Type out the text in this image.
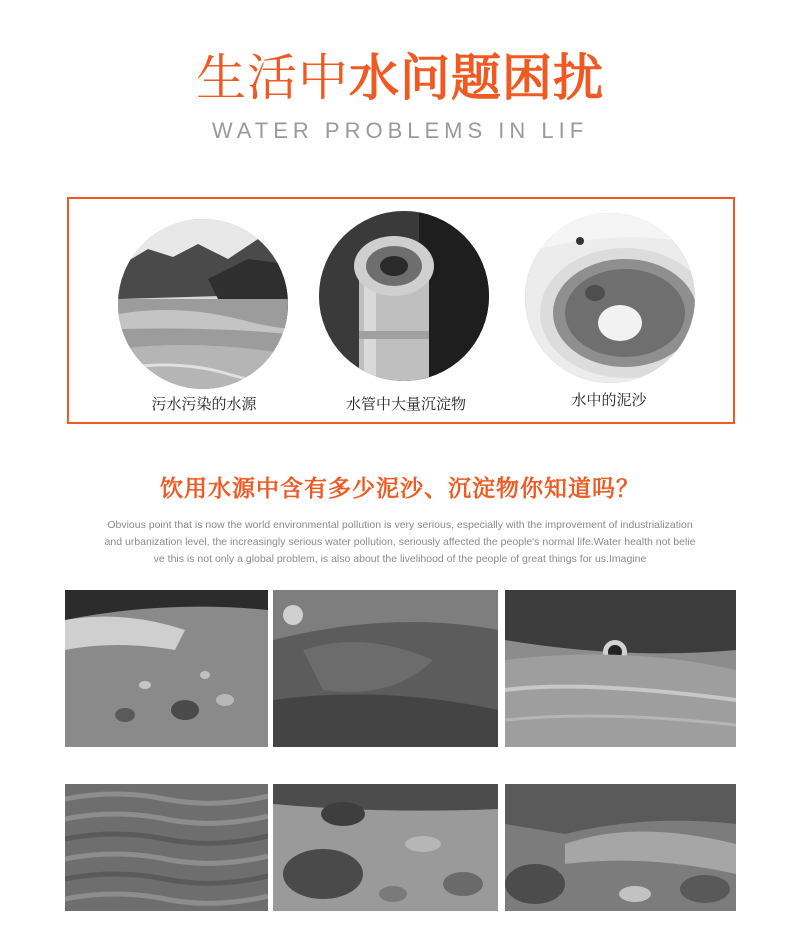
生活中水问题困扰
WATER PROBLEMS IN LIF
污水污染的水源	水管中大量沉淀物	水中的泥沙
饮用水源中含有多少泥沙、沉淀物你知道吗？
Obvious point that is now the world environmental pollution is very serious, especially with the improvement of industrialization
and urbanization level, the increasingly serious water pollution, seriously affected the people's normal life.Water health not belie
ve this is not only a global problem, is also about the livelihood of the people of great things for us.Imagine
